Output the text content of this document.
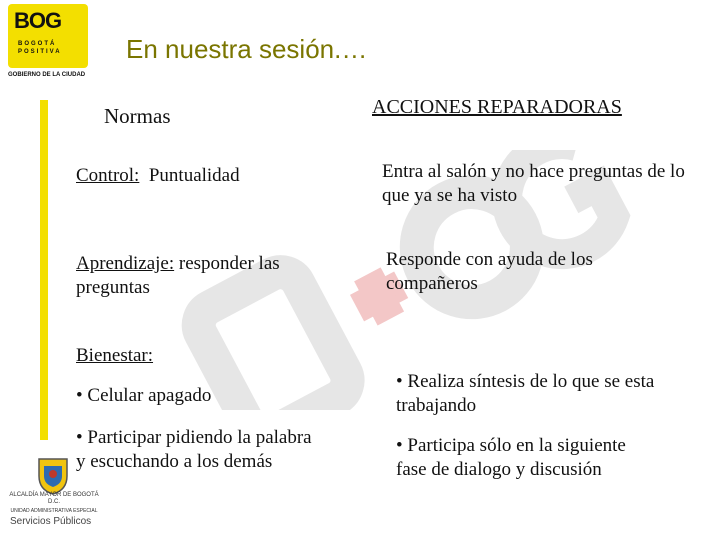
BOG
BOGOTÁ POSITIVA
GOBIERNO DE LA CIUDAD
En nuestra sesión.…
Normas
Control: Puntualidad
Aprendizaje: responder las preguntas
Bienestar:
• Celular apagado
• Participar pidiendo la palabra y escuchando a los demás
ACCIONES REPARADORAS
Entra al salón y no hace preguntas de lo que ya se ha visto
Responde con ayuda de los compañeros
• Realiza síntesis de lo que se esta trabajando
• Participa sólo en la siguiente fase de dialogo y discusión
ALCALDÍA MAYOR DE BOGOTÁ D.C.
UNIDAD ADMINISTRATIVA ESPECIAL
Servicios Públicos
